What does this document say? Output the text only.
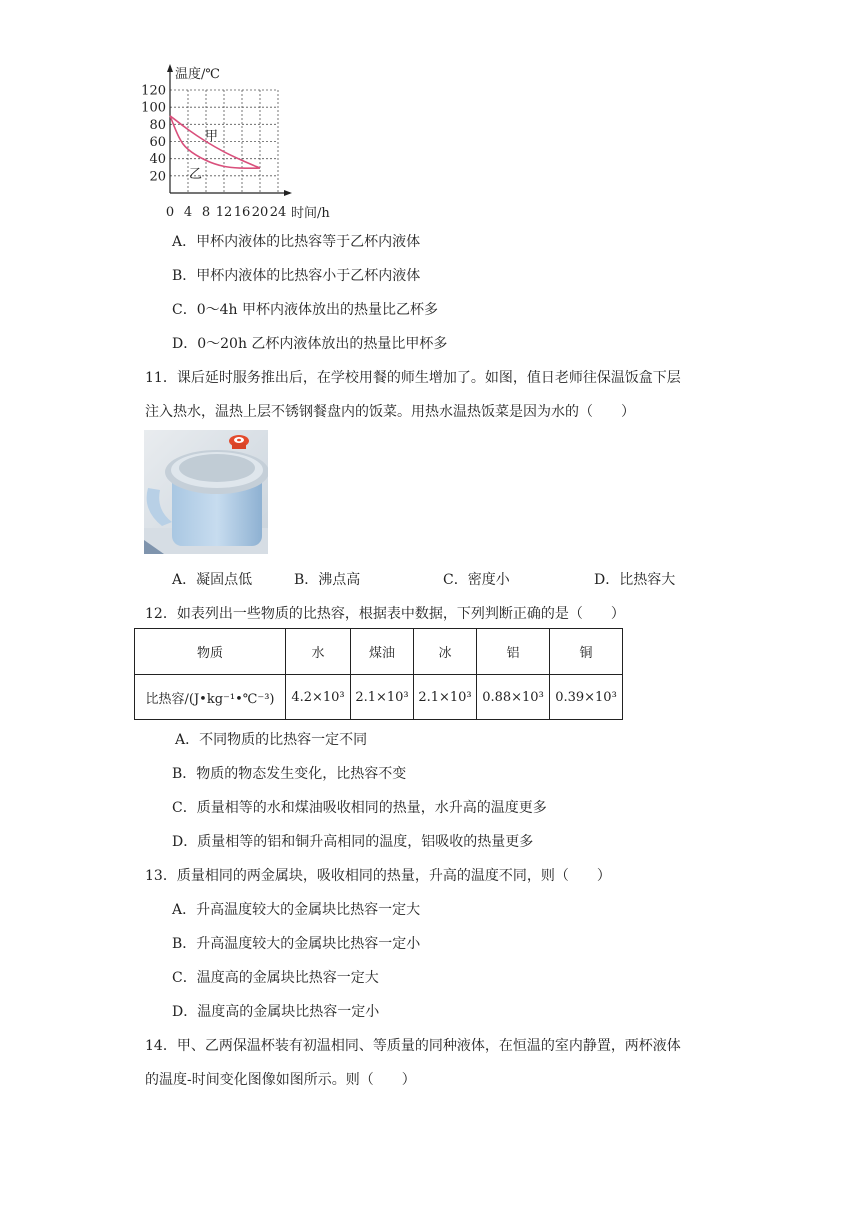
0 4 8 12 16 20 24
20
40
60
80
100
120
温度/℃
时间/h
甲
乙
A．甲杯内液体的比热容等于乙杯内液体
B．甲杯内液体的比热容小于乙杯内液体
C．0～4h 甲杯内液体放出的热量比乙杯多
D．0～20h 乙杯内液体放出的热量比甲杯多
11．课后延时服务推出后，在学校用餐的师生增加了。如图，值日老师往保温饭盒下层
注入热水，温热上层不锈钢餐盘内的饭菜。用热水温热饭菜是因为水的（　　）
A．凝固点低	B．沸点高	C．密度小	D．比热容大
12．如表列出一些物质的比热容，根据表中数据，下列判断正确的是（　　）
物质	水	煤油	冰	铝	铜
比热容/(J•kg⁻¹•℃⁻³)	4.2×10³	2.1×10³	2.1×10³	0.88×10³	0.39×10³
A．不同物质的比热容一定不同
B．物质的物态发生变化，比热容不变
C．质量相等的水和煤油吸收相同的热量，水升高的温度更多
D．质量相等的铝和铜升高相同的温度，铝吸收的热量更多
13．质量相同的两金属块，吸收相同的热量，升高的温度不同，则（　　）
A．升高温度较大的金属块比热容一定大
B．升高温度较大的金属块比热容一定小
C．温度高的金属块比热容一定大
D．温度高的金属块比热容一定小
14．甲、乙两保温杯装有初温相同、等质量的同种液体，在恒温的室内静置，两杯液体
的温度-时间变化图像如图所示。则（　　）
